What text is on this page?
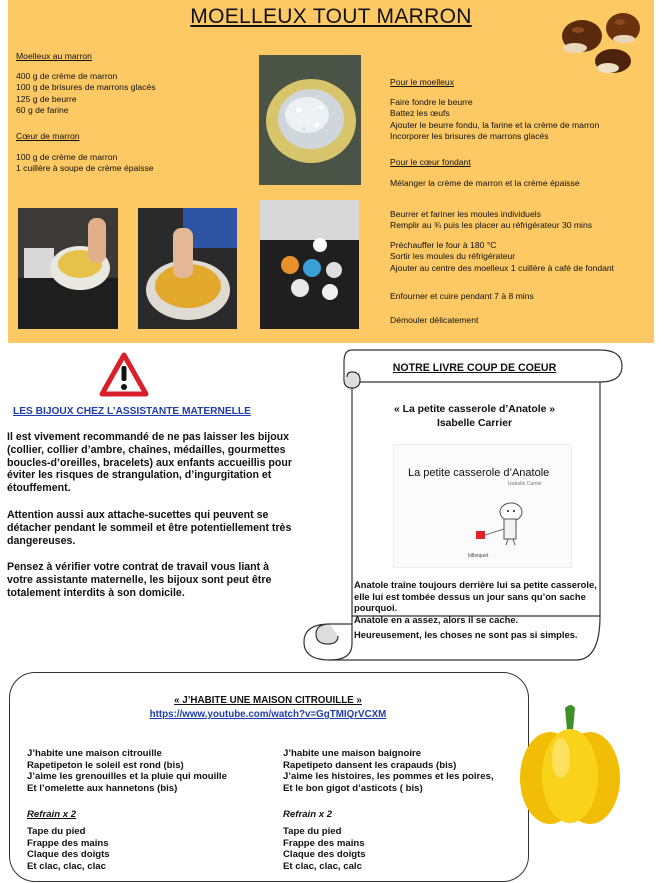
MOELLEUX TOUT MARRON
Moelleux au marron
400 g de crème de marron
100 g de brisures de marrons glacés
125 g de beurre
60 g de farine
Cœur de marron
100 g de crème de marron
1 cuillère à soupe de crème épaisse
Pour le moelleux
Faire fondre le beurre
Battez les œufs
Ajouter le beurre fondu, la farine et la crème de marron
Incorporer les brisures de marrons glacés
Pour le cœur fondant
Mélanger la crème de marron et la crème épaisse
Beurrer et fariner les moules individuels
Remplir au ¾ puis les placer au réfrigérateur 30 mins
Préchauffer le four à 180 °C
Sortir les moules du réfrigérateur
Ajouter au centre des moelleux 1 cuillère à café de fondant
Enfourner et cuire pendant 7 à 8 mins
Démouler délicatement
LES BIJOUX CHEZ L’ASSISTANTE MATERNELLE
Il est vivement recommandé de ne pas laisser les bijoux
(collier, collier d’ambre, chaînes, médailles, gourmettes
boucles-d’oreilles, bracelets) aux enfants accueillis pour
éviter les risques de strangulation, d’ingurgitation et
étouffement.
Attention aussi aux attache-sucettes qui peuvent se
détacher pendant le sommeil et être potentiellement très
dangereuses.
Pensez à vérifier votre contrat de travail vous liant à
votre assistante maternelle, les bijoux sont peut être
totalement interdits à son domicile.
NOTRE LIVRE COUP DE COEUR
« La petite casserole d’Anatole »
Isabelle Carrier
La petite casserole d’Anatole
Isabelle Carrier
bilboquet
Anatole traîne toujours derrière lui sa petite casserole,
elle lui est tombée dessus un jour sans qu’on sache
pourquoi.
Anatole en a assez, alors il se cache.
Heureusement, les choses ne sont pas si simples.
« J’HABITE UNE MAISON CITROUILLE »
https://www.youtube.com/watch?v=GgTMIQrVCXM
J’habite une maison citrouille
Rapetipeton le soleil est rond (bis)
J’aime les grenouilles et la pluie qui mouille
Et l’omelette aux hannetons (bis)
J’habite une maison baignoire
Rapetipeto dansent les crapauds (bis)
J’aime les histoires, les pommes et les poires,
Et le bon gigot d’asticots ( bis)
Refrain x 2	Refrain x 2
Tape du pied
Frappe des mains
Claque des doigts
Et clac, clac, clac
Tape du pied
Frappe des mains
Claque des doigts
Et clac, clac, calc
